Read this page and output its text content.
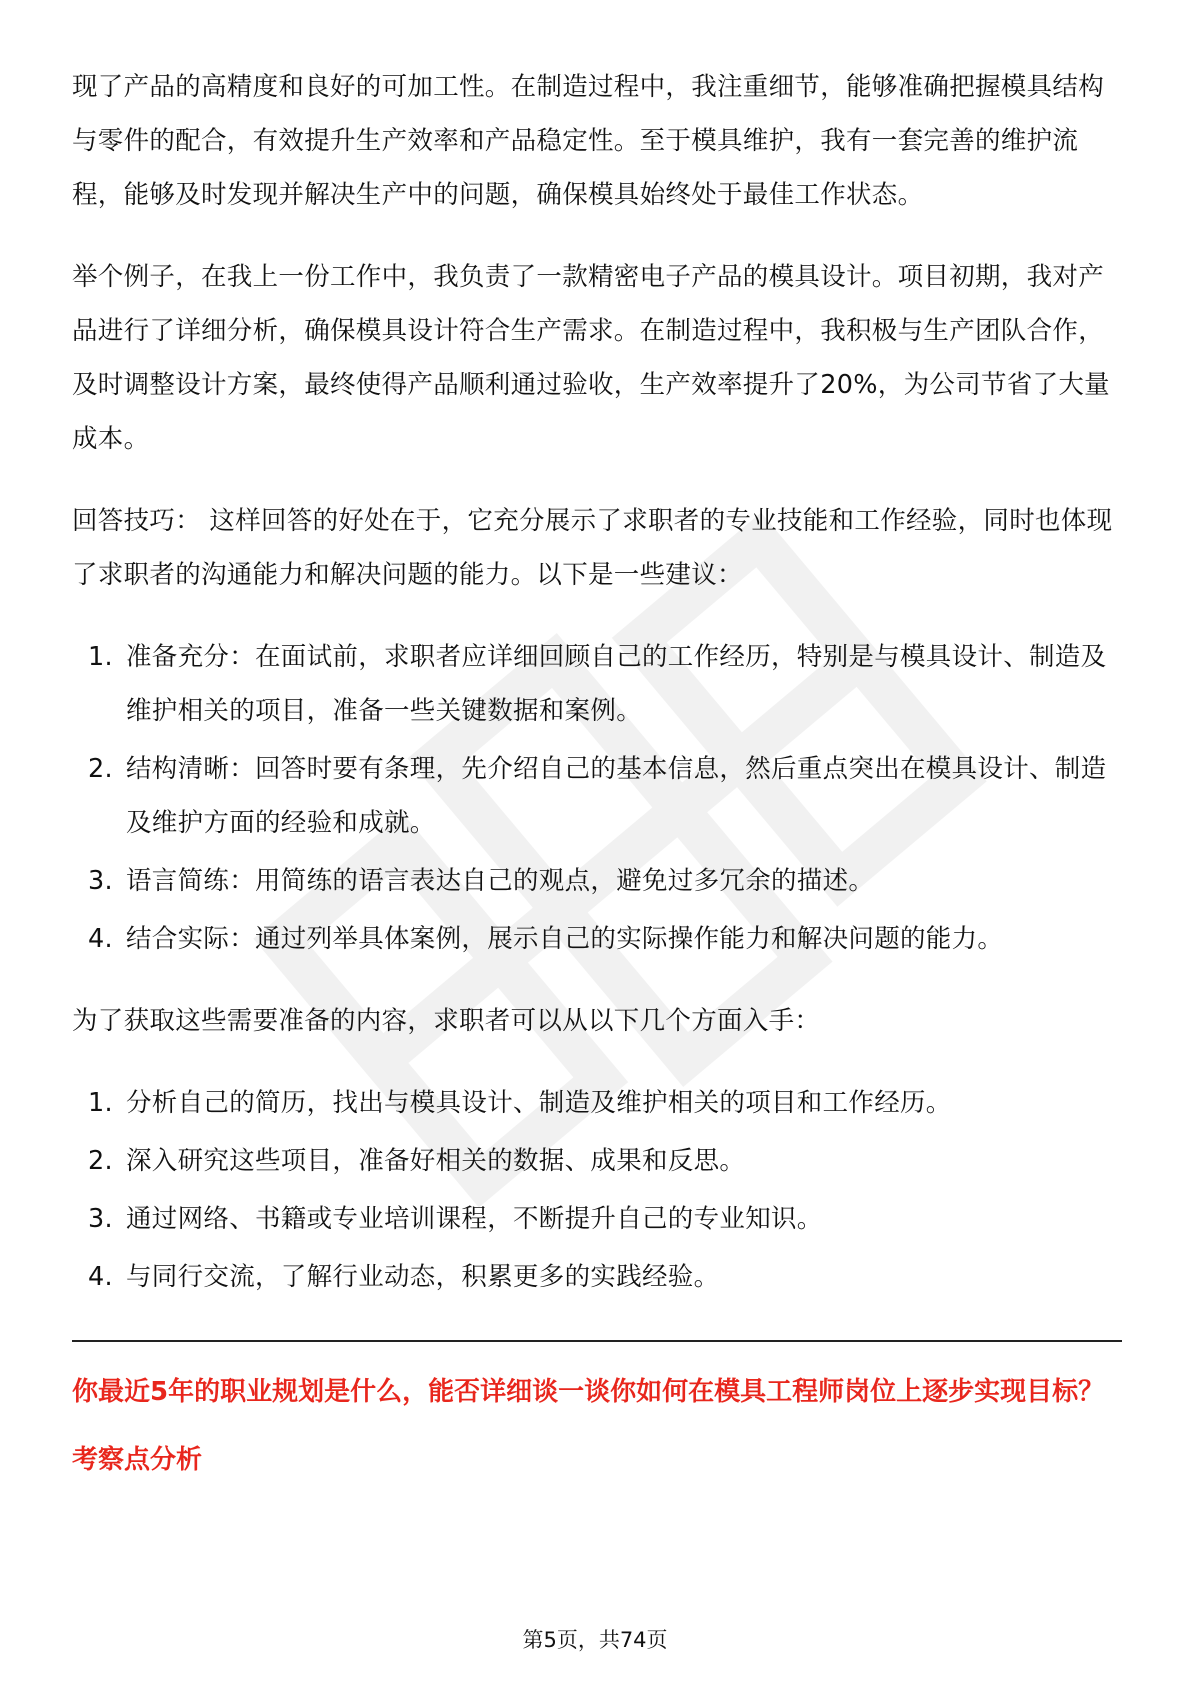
现了产品的高精度和良好的可加工性。在制造过程中，我注重细节，能够准确把握模具结构与零件的配合，有效提升生产效率和产品稳定性。至于模具维护，我有一套完善的维护流程，能够及时发现并解决生产中的问题，确保模具始终处于最佳工作状态。

举个例子，在我上一份工作中，我负责了一款精密电子产品的模具设计。项目初期，我对产品进行了详细分析，确保模具设计符合生产需求。在制造过程中，我积极与生产团队合作，及时调整设计方案，最终使得产品顺利通过验收，生产效率提升了20%，为公司节省了大量成本。

回答技巧： 这样回答的好处在于，它充分展示了求职者的专业技能和工作经验，同时也体现了求职者的沟通能力和解决问题的能力。以下是一些建议：

1. 准备充分：在面试前，求职者应详细回顾自己的工作经历，特别是与模具设计、制造及维护相关的项目，准备一些关键数据和案例。
2. 结构清晰：回答时要有条理，先介绍自己的基本信息，然后重点突出在模具设计、制造及维护方面的经验和成就。
3. 语言简练：用简练的语言表达自己的观点，避免过多冗余的描述。
4. 结合实际：通过列举具体案例，展示自己的实际操作能力和解决问题的能力。

为了获取这些需要准备的内容，求职者可以从以下几个方面入手：

1. 分析自己的简历，找出与模具设计、制造及维护相关的项目和工作经历。
2. 深入研究这些项目，准备好相关的数据、成果和反思。
3. 通过网络、书籍或专业培训课程，不断提升自己的专业知识。
4. 与同行交流，了解行业动态，积累更多的实践经验。
你最近5年的职业规划是什么，能否详细谈一谈你如何在模具工程师岗位上逐步实现目标？
考察点分析
第5页，共74页
